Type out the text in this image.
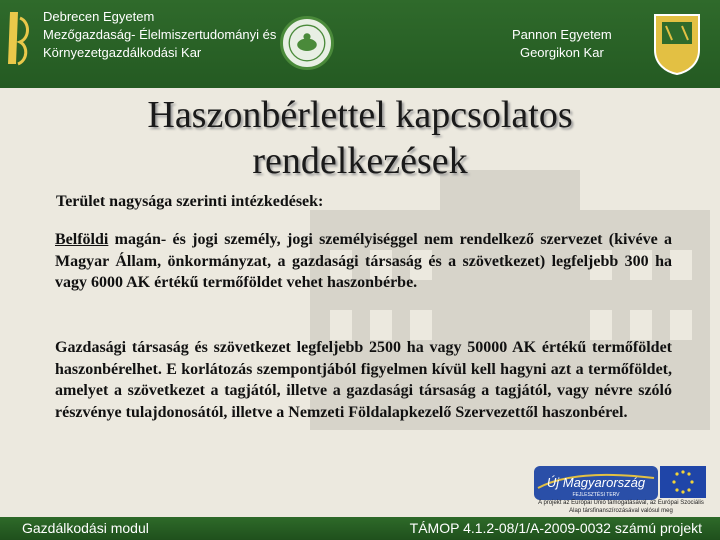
Debrecen Egyetem
Mezőgazdaság- Élelmiszertudományi és
Környezetgazdálkodási Kar
Pannon Egyetem
Georgikon Kar
Haszonbérlettel kapcsolatos
rendelkezések
Terület nagysága szerinti intézkedések:

Belföldi magán- és jogi személy, jogi személyiséggel nem rendelkező szervezet (kivéve a Magyar Állam, önkormányzat, a gazdasági társaság és a szövetkezet) legfeljebb 300 ha vagy 6000 AK értékű termőföldet vehet haszonbérbe.

Gazdasági társaság és szövetkezet legfeljebb 2500 ha vagy 50000 AK értékű termőföldet haszonbérelhet. E korlátozás szempontjából figyelmen kívül kell hagyni azt a termőföldet, amelyet a szövetkezet a tagjától, illetve a gazdasági társaság a tagjától, vagy névre szóló részvénye tulajdonosától, illetve a Nemzeti Földalapkezelő Szervezettől haszonbérel.

Új Magyarország
FEJLESZTÉSI TERV
A projekt az Európai Unió támogatásával, az Európai Szociális Alap társfinanszírozásával valósul meg
Gazdálkodási modul	TÁMOP 4.1.2-08/1/A-2009-0032 számú projekt
